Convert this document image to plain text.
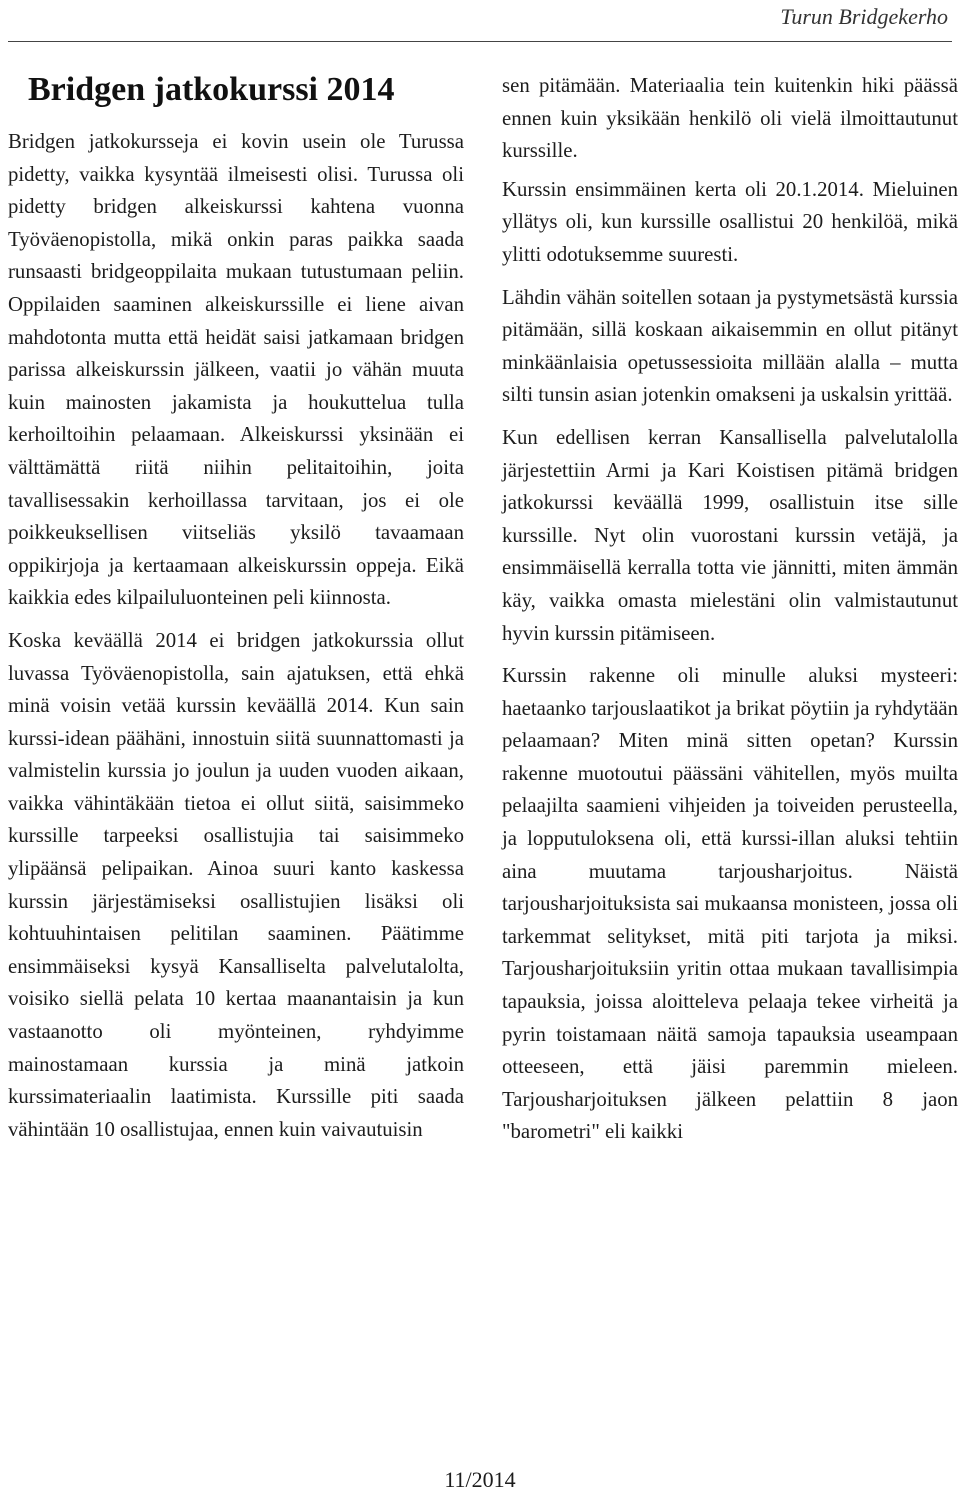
Turun Bridgekerho
Bridgen jatkokurssi 2014

Bridgen jatkokursseja ei kovin usein ole Turussa pidetty, vaikka kysyntää ilmeisesti olisi. Turussa oli pidetty bridgen alkeiskurssi kahtena vuonna Työväenopistolla, mikä onkin paras paikka saada runsaasti bridgeoppilaita mukaan tutustumaan peliin. Oppilaiden saaminen alkeiskurssille ei liene aivan mahdotonta mutta että heidät saisi jatkamaan bridgen parissa alkeiskurssin jälkeen, vaatii jo vähän muuta kuin mainosten jakamista ja houkuttelua tulla kerhoiltoihin pelaamaan. Alkeiskurssi yksinään ei välttämättä riitä niihin pelitaitoihin, joita tavallisessakin kerhoillassa tarvitaan, jos ei ole poikkeuksellisen viitseliäs yksilö tavaamaan oppikirjoja ja kertaamaan alkeiskurssin oppeja. Eikä kaikkia edes kilpailuluonteinen peli kiinnosta.

Koska keväällä 2014 ei bridgen jatkokurssia ollut luvassa Työväenopistolla, sain ajatuksen, että ehkä minä voisin vetää kurssin keväällä 2014. Kun sain kurssi-idean päähäni, innostuin siitä suunnattomasti ja valmistelin kurssia jo joulun ja uuden vuoden aikaan, vaikka vähintäkään tietoa ei ollut siitä, saisimmeko kurssille tarpeeksi osallistujia tai saisimmeko ylipäänsä pelipaikan. Ainoa suuri kanto kaskessa kurssin järjestämiseksi osallistujien lisäksi oli kohtuuhintaisen pelitilan saaminen. Päätimme ensimmäiseksi kysyä Kansalliselta palvelutalolta, voisiko siellä pelata 10 kertaa maanantaisin ja kun vastaanotto oli myönteinen, ryhdyimme mainostamaan kurssia ja minä jatkoin kurssimateriaalin laatimista. Kurssille piti saada vähintään 10 osallistujaa, ennen kuin vaivautuisin

sen pitämään. Materiaalia tein kuitenkin hiki päässä ennen kuin yksikään henkilö oli vielä ilmoittautunut kurssille.

Kurssin ensimmäinen kerta oli 20.1.2014. Mieluinen yllätys oli, kun kurssille osallistui 20 henkilöä, mikä ylitti odotuksemme suuresti.

Lähdin vähän soitellen sotaan ja pystymetsästä kurssia pitämään, sillä koskaan aikaisemmin en ollut pitänyt minkäänlaisia opetussessioita millään alalla – mutta silti tunsin asian jotenkin omakseni ja uskalsin yrittää.

Kun edellisen kerran Kansallisella palvelutalolla järjestettiin Armi ja Kari Koistisen pitämä bridgen jatkokurssi keväällä 1999, osallistuin itse sille kurssille. Nyt olin vuorostani kurssin vetäjä, ja ensimmäisellä kerralla totta vie jännitti, miten ämmän käy, vaikka omasta mielestäni olin valmistautunut hyvin kurssin pitämiseen.

Kurssin rakenne oli minulle aluksi mysteeri: haetaanko tarjouslaatikot ja brikat pöytiin ja ryhdytään pelaamaan? Miten minä sitten opetan? Kurssin rakenne muotoutui päässäni vähitellen, myös muilta pelaajilta saamieni vihjeiden ja toiveiden perusteella, ja lopputuloksena oli, että kurssi-illan aluksi tehtiin aina muutama tarjousharjoitus. Näistä tarjousharjoituksista sai mukaansa monisteen, jossa oli tarkemmat selitykset, mitä piti tarjota ja miksi. Tarjousharjoituksiin yritin ottaa mukaan tavallisimpia tapauksia, joissa aloitteleva pelaaja tekee virheitä ja pyrin toistamaan näitä samoja tapauksia useampaan otteeseen, että jäisi paremmin mieleen. Tarjousharjoituksen jälkeen pelattiin 8 jaon "barometri" eli kaikki

11/2014
